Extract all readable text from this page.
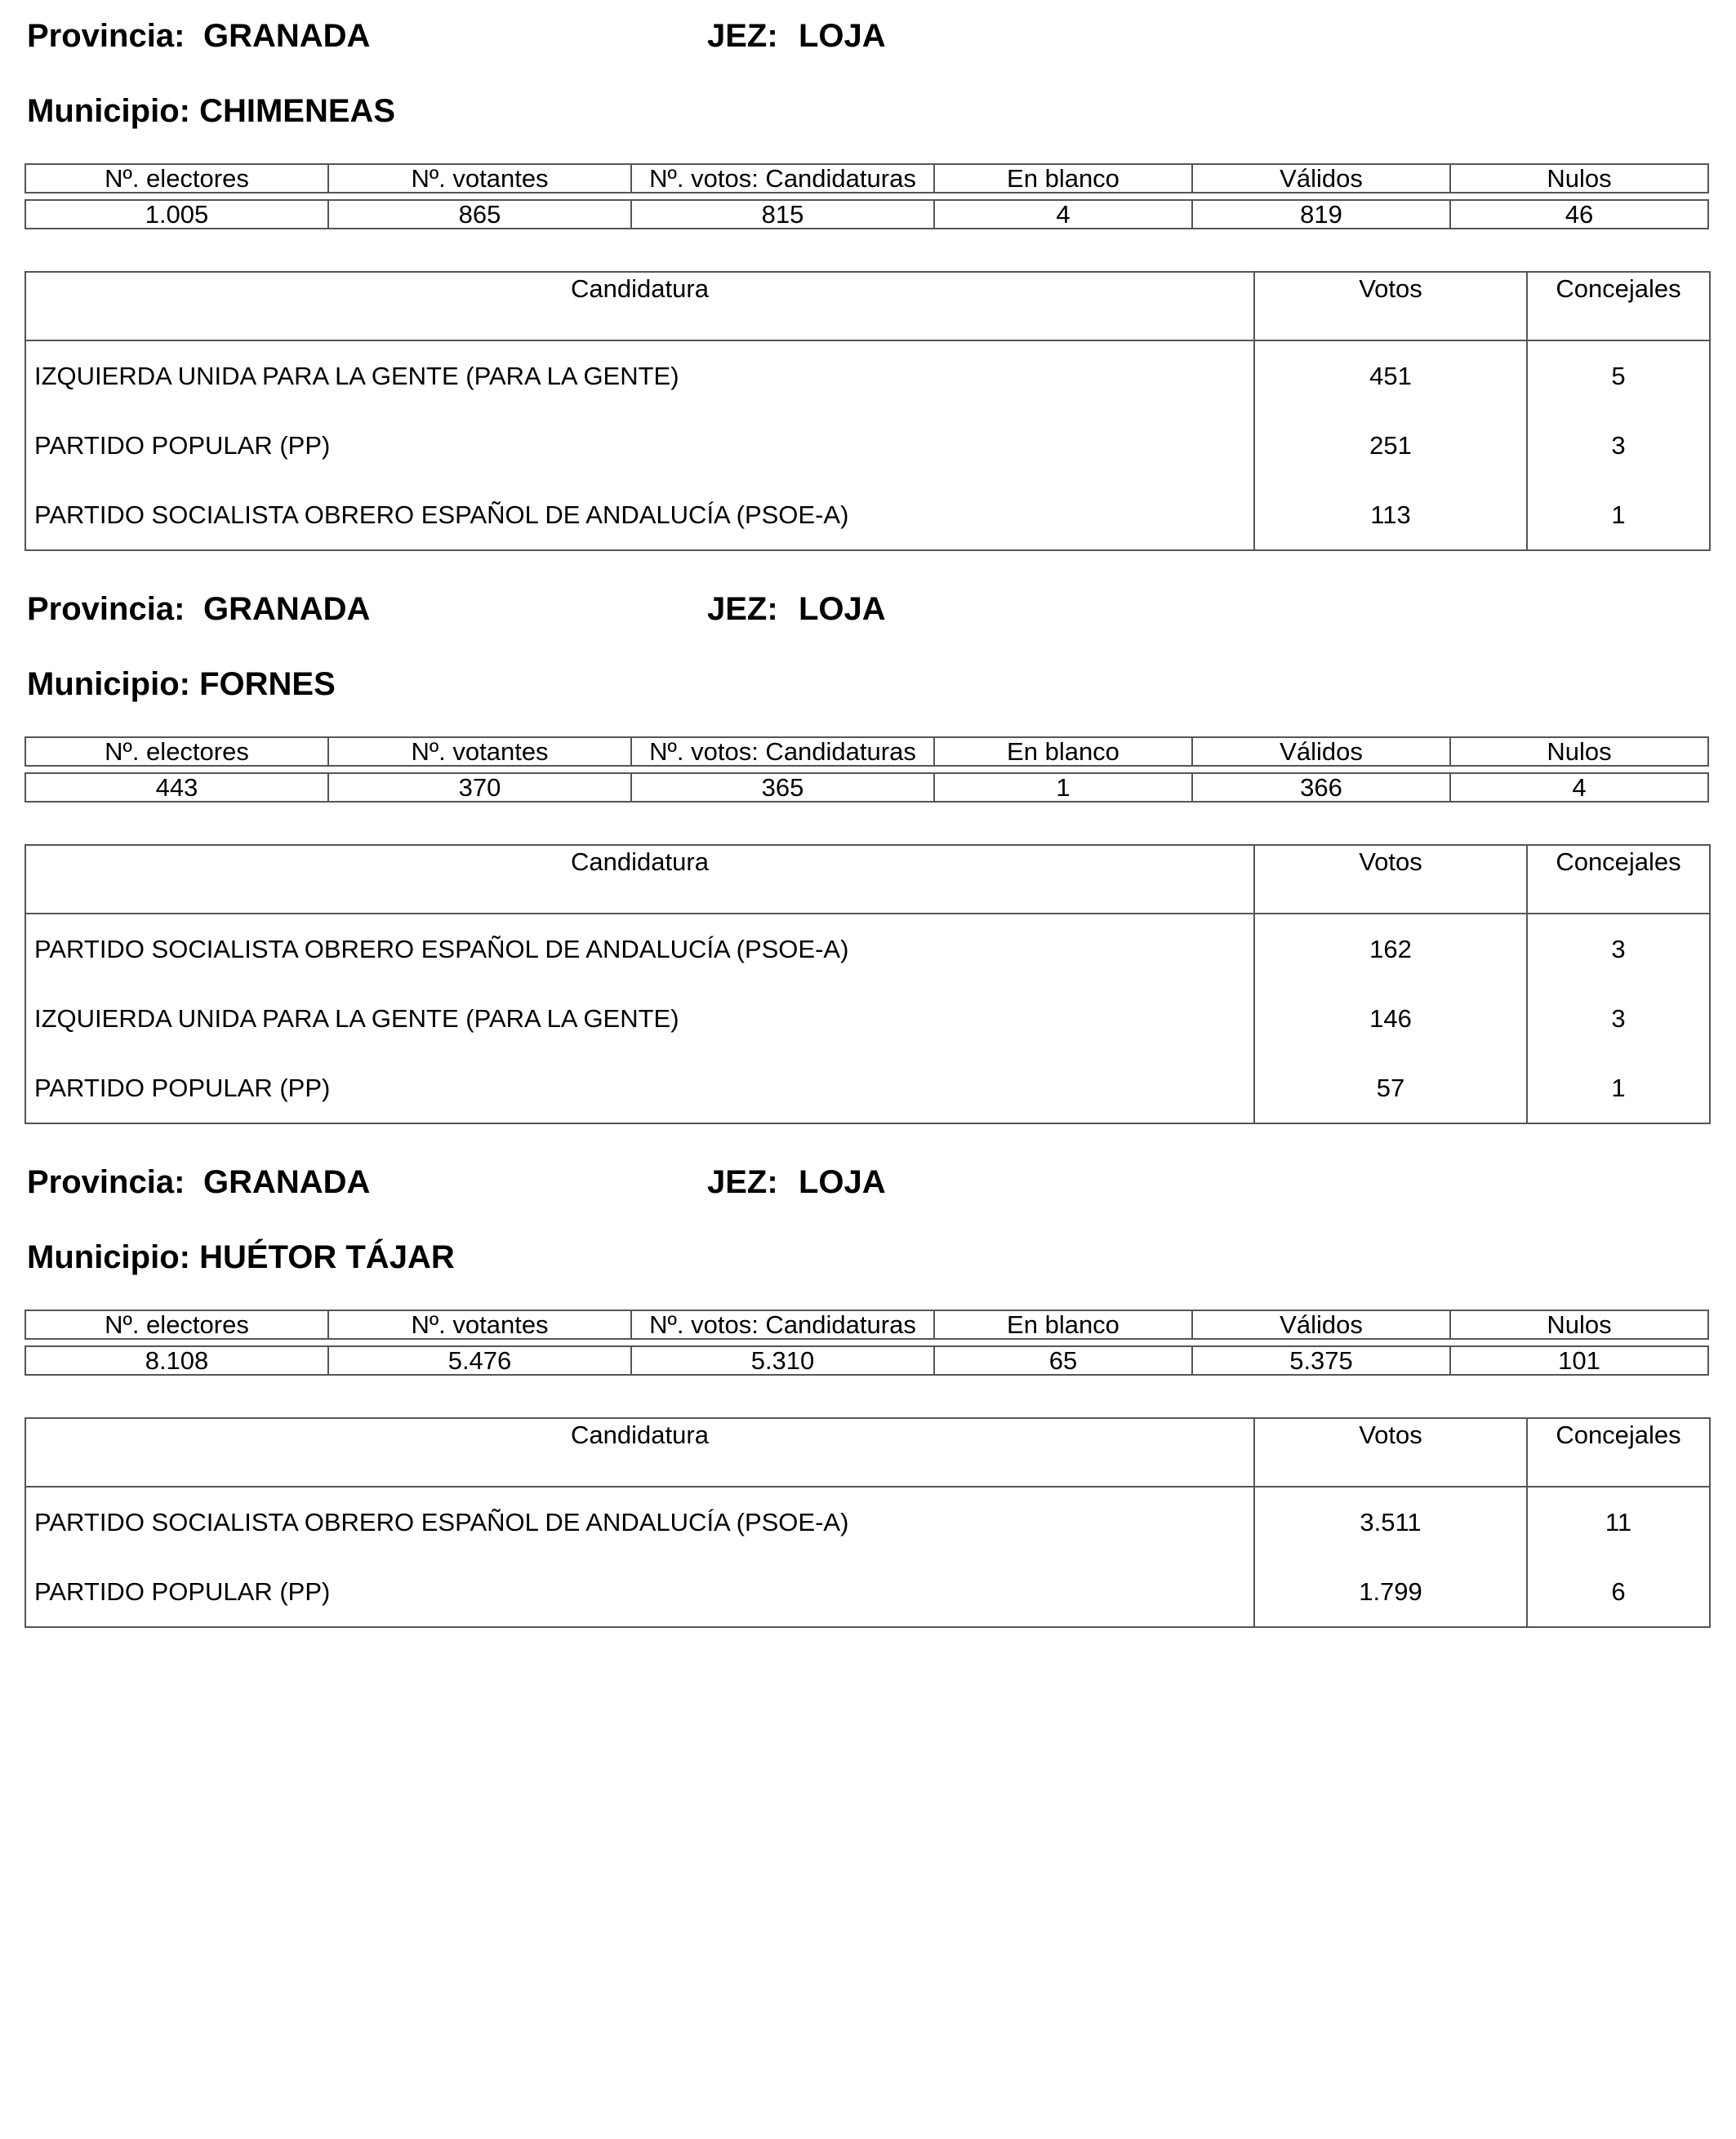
Provincia: GRANADA	JEZ: LOJA
Municipio: CHIMENEAS
Nº. electores	Nº. votantes	Nº. votos: Candidaturas	En blanco	Válidos	Nulos

1.005	865	815	4	819	46
Candidatura	Votos	Concejales
IZQUIERDA UNIDA PARA LA GENTE (PARA LA GENTE)	451	5
PARTIDO POPULAR (PP)	251	3
PARTIDO SOCIALISTA OBRERO ESPAÑOL DE ANDALUCÍA (PSOE-A)	113	1
Provincia: GRANADA	JEZ: LOJA
Municipio: FORNES
Nº. electores	Nº. votantes	Nº. votos: Candidaturas	En blanco	Válidos	Nulos

443	370	365	1	366	4
Candidatura	Votos	Concejales
PARTIDO SOCIALISTA OBRERO ESPAÑOL DE ANDALUCÍA (PSOE-A)	162	3
IZQUIERDA UNIDA PARA LA GENTE (PARA LA GENTE)	146	3
PARTIDO POPULAR (PP)	57	1
Provincia: GRANADA	JEZ: LOJA
Municipio: HUÉTOR TÁJAR
Nº. electores	Nº. votantes	Nº. votos: Candidaturas	En blanco	Válidos	Nulos

8.108	5.476	5.310	65	5.375	101
Candidatura	Votos	Concejales
PARTIDO SOCIALISTA OBRERO ESPAÑOL DE ANDALUCÍA (PSOE-A)	3.511	11
PARTIDO POPULAR (PP)	1.799	6
